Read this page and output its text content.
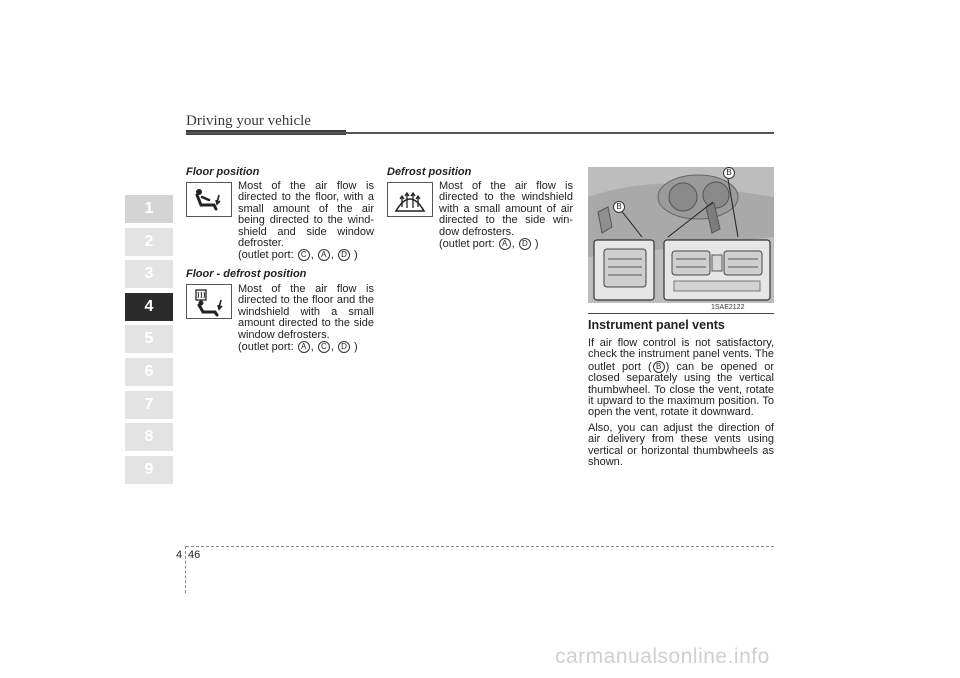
Driving your vehicle
1
2
3
4
5
6
7
8
9
Floor position

Most of the air flow is directed to the floor, with a small amount of the air being directed to the wind- shield and side window defroster.

(outlet port: C , A , D )

Floor - defrost position

Most of the air flow is directed to the floor and the windshield with a small amount directed to the side window defrosters.

(outlet port: A , C , D )

Defrost position

Most of the air flow is directed to the windshield with a small amount of air directed to the side win- dow defrosters.

(outlet port: A , D )

B
B
1SAE2122
Instrument panel vents

If air flow control is not satisfactory, check the instrument panel vents. The outlet port ( B ) can be opened or closed separately using the vertical thumbwheel. To close the vent, rotate it upward to the maximum position. To open the vent, rotate it downward.

Also, you can adjust the direction of air delivery from these vents using vertical or horizontal thumbwheels as shown.

4 46
carmanualsonline.info
